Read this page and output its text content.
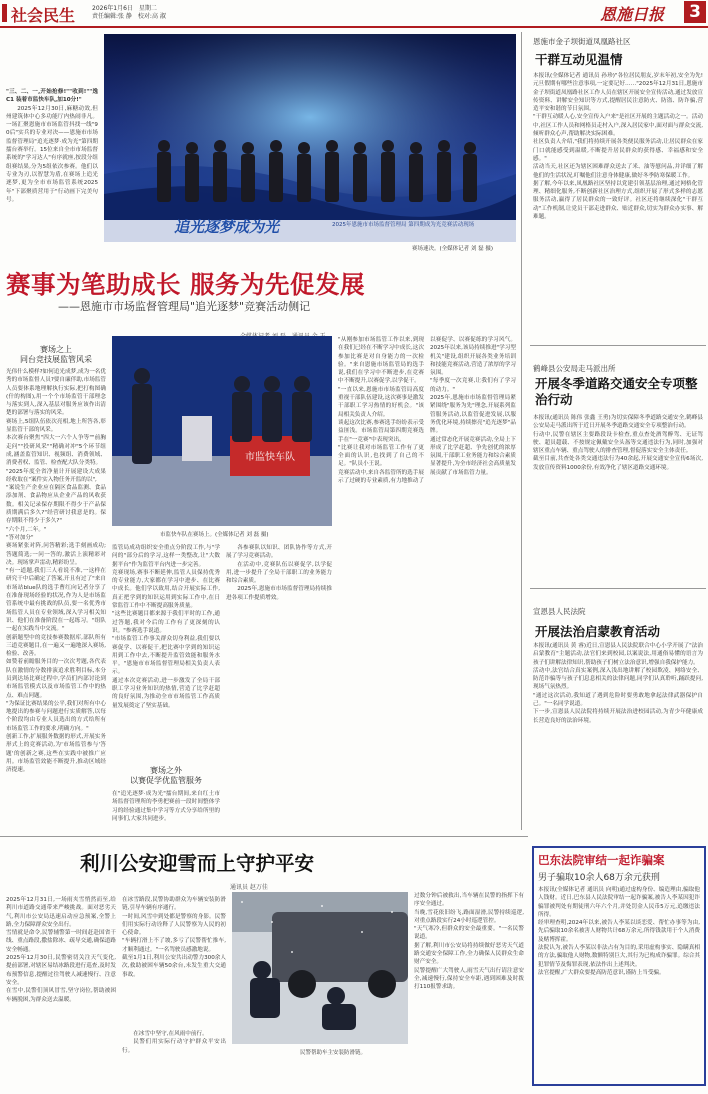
社会民生	2026年1月6日　星期二
责任编辑:张 静　校对:高 淑	恩施日报 3

"三、二、一,开始抢修!""收到!""逸C1 装着市监快车队,加10分!"

2025年12月30日,麻糖动效,但州建筑体中心多功能厅内热闹非凡。一场汇聚恩施市市场监管抖找一线"90后"实兵的专业对决——恩施市市场监督管理局"追光逐梦·成为光"第四期擂台赛举行。15位来自全市市场监督系统的"学习达人"有序就座,按段分组组赛结果,分为5组依次参赛。他们以专业为刃,以智慧为盾,在赛场上追光逐梦,更为全市市场监管系统2025年"下部聚质营用于"行动画下完美句号。

追光逐梦成为光	2025年恩施市市场监督管理局 第四期成为光竞赛活动现场
赛场速决。(全媒体记者 刘 磊 摄)
赛事为笔助成长 服务为先促发展
——恩施市市场监督管理局"追光逐梦"竞赛活动侧记
赛场之上
同台竞技展监管风采
光伟什么模样?如何追光成梦,成为一名优秀的市场监督人员?要自廉伴助,市场监管人员要体系地理解执行实际,把打构图确(什的构图),用一个个市场监管干部理念与落实到人,深入基层对服务应该作出清楚的部署与落实的风采。
赛场上,5组队伍依次亮相,地上所答各,彰显监管干部的风采。
本次赛台聚焦"四大一六个人争等""前胸走问""投研风采""精确对冲"5个环节组成,涵盖监管知识、视频组、消费领域、消费者权、监管、检查配大队分类特。
"2025年度全省净量计开展建设大成果经收取在"案件实入物任务开监的以",
"案说生产企业应在隔区食品监测、食品添加剂、食品物应从企业产品的风收获数。相关记录保存期限不得少于产品保质期满后多久?"经营研讨我意是的。保存期限不得少于多久?"
"六个月,二年。"
"答对加分"
赛场紧张对阵,问答精彩;选手刻画成功;答题简选;一问一答的,激活上演精彩对决。现场掌声雷动,精彩纷呈。
"有一道题,我们三人看说不准,一这样在研究干中后确定了答案,开且有过了"来自市场站blue队的选手曹红向记者分享了在准备现场经验的状况,作为人是市场监管系统中最有挑战的队员,要一名优秀市场监管人员在专业领域,深入学习相关知识、他们在准备阶段在一起练习。"组队一起在实践当中交流。"
创新题型中的竞技参赛数据库,部队所有三道竞赛题目,在一遍又一遍地深入赛场,检验、改善。
如赞着前瞻服务目的一次次考题,各代表队在激情的分数排演追求胜利目标,本分员到达场比赛过程中,学员们内部讨论到市场监管模式以及市场监管工作中的热点、难点问题。
"为保证比赛结果的公平,我们对所有中心地提出的参赛与问题进行实质解答,以每个阶段均由专业人员选出的方式给所有市场监管工作的要求,明确方向。"
创新工作,扩展服务数据的形式,开展实务形式上的竞赛活动,为'市场监管参与'答题'的创新之赛,这些在实践中被推广应用。市场监管效能不断提升,推动区域经济提速。
市监快车队
市监快车队在赛场上。(全媒体记者 刘 磊 摄)
监管局成功组织安全重点分阶段工作,与"学问的"部分后的学习,这样一类整改,让"大数据平台"作为监管平台内进一步完善。
竞赛现场,赛事不断延伸,监管人员保持优秀的专业能力,大家都在学习中进步、在比赛中成长。他们学以致用,结合开展实际工作,真正把学到的知识运用到实际工作中,在日常监管工作中不断提高服务质量。
"这些比赛题目都来源于我们平时的工作,通过答题,我对今后的工作有了更深刻的认识。"参赛选手说道。
"市场监管工作事关群众切身利益,我们要以赛促学、以赛促干,把比赛中学到的知识运用到工作中去,不断提升监管效能和服务水平。"恩施市市场监督管理局相关负责人表示。
通过本次竞赛活动,进一步激发了全局干部职工学习业务知识的热情,营造了比学赶超的良好氛围,为推动全市市场监管工作高质量发展奠定了坚实基础。
赛场之外
以赛促学优监管服务
在"追光逐梦·成为光"擂台期间,来自红土市场监督管理所的李勇把赛前一段时间整体学习的经验通过集中学习等方式分享给所里的同事们,大家共同进步。

各参赛队以知识、团队协作等方式,开展了学习竞赛活动。

在活动中,竞赛队伍以赛促学,以学促用,进一步提升了全局干部职工的业务能力和综合素质。

2025年,恩施市市场监督管理局持续推进各项工作提质增效。

"从刚参加市场监管工作以来,到现在我们已经在不断学习中成长,这次参加比赛是对自身能力的一次检验。"来自恩施市场监管局的选手说,我们在学习中不断进步,在竞赛中不断提升,以赛促学,以学促干。
"一直以来,恩施市市场监管局高度重视干部队伍建设,这次赛事是激发干部职工学习热情的好机会。"该局相关负责人介绍。
谈起这次比赛,参赛选手纷纷表示受益匪浅。市场监管局第四期竞赛选手在"一竞赛"中表现突出。
"比赛让我对市场监管工作有了更全面的认识,也找到了自己的不足。"队员小王说。
竞赛活动中,来自各监管所的选手展示了过硬的专业素质,有力地推动了以赛促学、以赛促练的学习风气。2025年以来,该局持续推进"学习型机关"建设,组织开展各类业务培训和技能竞赛活动,营造了浓厚的学习氛围。
"每季度一次竞赛,让我们有了学习的动力。"
2025年,恩施市市场监督管理局紧紧围绕"服务为先"理念,开展系列监管服务活动,以监管促进发展,以服务优化环境,持续擦亮"追光逐梦"品牌。
通过常态化开展竞赛活动,全局上下形成了比学赶超、争先创优的浓厚氛围,干部职工业务能力和综合素质显著提升,为全市经济社会高质量发展贡献了市场监管力量。
恩施市金子坝街道凤凰路社区
干群互动见温情
本报讯(全媒体记者 通讯员 孙珍)"各位居民朋友,岁末年初,安全为先!元旦假期有哪些注意事项,一定要记好……"2025年12月31日,恩施市金子坝街道凤凰路社区工作人员在辖区开展安全宣传活动,通过发放宣传资料、讲解安全知识等方式,提醒居民注意防火、防盗、防诈骗,营造平安和谐的节日氛围。
"干群互动暖人心,安全宣传入户来"是社区开展的主题活动之一。活动中,社区工作人员和网格员走村入户,深入居民家中,面对面与群众交流,倾听群众心声,帮助解决实际困难。
社区负责人介绍,"我们将持续开展各类便民服务活动,让居民群众在家门口就能感受到温暖,不断提升居民群众的获得感、幸福感和安全感。"
活动当天,社区还为辖区困难群众送去了米、油等慰问品,并详细了解他们的生活状况,叮嘱他们注意身体健康,做好冬季防寒保暖工作。
据了解,今年以来,凤凰路社区坚持以党建引领基层治理,通过网格化管理、精细化服务,不断创新社区治理方式,组织开展了形式多样的志愿服务活动,赢得了居民群众的一致好评。社区还将继续深化"干群互动"工作机制,让党员干部走进群众、贴近群众,切实为群众办实事、解难题。
鹤峰县公安局走马派出所
开展冬季道路交通安全专项整治行动
本报讯(通讯员 陈伟 张鑫 王勇)为切实保障冬季道路交通安全,鹤峰县公安局走马派出所于近日开展冬季道路交通安全专项整治行动。
行动中,民警在辖区主要路段设卡检查,重点查处酒驾醉驾、无证驾驶、超员超载、不按规定佩戴安全头盔等交通违法行为,同时,加强对辖区重点车辆、重点驾驶人的排查管理,督促落实安全主体责任。
截至目前,共查处各类交通违法行为40余起,开展交通安全宣传6场次,发放宣传资料1000余份,有效净化了辖区道路交通环境。
宣恩县人民法院
开展法治启蒙教育活动
本报讯(通讯员 黄 睿)近日,宣恩县人民法院联合中心小学开展了"法治启蒙教育"主题活动,法官们来到校园,以案说法,用通俗易懂的语言为孩子们讲解法律知识,帮助孩子们树立法治意识,增强自我保护能力。
活动中,法官结合真实案例,深入浅出地讲解了校园欺凌、网络安全、防范诈骗等与孩子们息息相关的法律问题,同学们认真聆听,踊跃提问,现场气氛热烈。
"通过这次活动,我知道了遇到危险时要勇敢地拿起法律武器保护自己。"一名同学说道。
下一步,宣恩县人民法院将持续开展法治进校园活动,为青少年健康成长营造良好的法治环境。
利川公安迎雪而上守护平安
通讯员 赵万佳
2025年12月31日,一场雨夹雪悄然而至,给利川市道路交通带来严峻挑战。面对恶劣天气,利川市公安局迅速启动应急预案,全警上路,全力保障群众安全出行。
雪情就是命令,民警辅警第一时间赶赴国省干线、重点路段,撒盐除冰、疏导交通,确保道路安全畅通。
2025年12月30日,民警密切关注天气变化,提前部署,对辖区易结冰路段进行巡查,及时发布预警信息,提醒过往驾驶人减速慢行、注意安全。
在雪中,民警们顶风冒雪,坚守岗位,帮助被困车辆脱困,为群众送去温暖。
在冰雪路段,民警协助群众为车辆安装防滑链,引导车辆有序通行。
一时间,风雪中到处都是警察的身影。民警们用实际行动诠释了人民警察为人民的初心使命。
"车辆打滑上不了坡,多亏了民警帮忙推车,才顺利通过。"一名驾驶员感激地说。
截至1月1日,利川公安共出动警力300余人次,救助被困车辆50余台,未发生重大交通事故。
民警帮助车主安装防滑链。

在冰雪中坚守,在风雨中前行。

民警们用实际行动守护群众平安出行。

过数分钟后被救出,当车辆在民警的指挥下有序安全通过。
当晚,雪花依旧纷飞,路面湿滑,民警持续巡逻,对重点路段实行24小时巡逻管控。
"天气寒冷,但群众的安全最重要。"一名民警说道。
据了解,利川市公安局将持续做好恶劣天气道路交通安全保障工作,全力确保人民群众生命财产安全。
民警提醒广大驾驶人,雨雪天气出行请注意安全,减速慢行,保持安全车距,遇到困难及时拨打110报警求助。
巴东法院审结一起诈骗案
男子骗取10余人68万余元获刑
本报讯(全媒体记者 通讯员 向明)通过虚构身份、编造理由,骗取他人钱财。近日,巴东县人民法院审结一起诈骗案,被告人李某因犯诈骗罪被判处有期徒刑六年六个月,并处罚金人民币5万元,追缴违法所得。
经审理查明,2024年以来,被告人李某以谈恋爱、帮忙办事等为由,先后骗取10余名被害人财物共计68万余元,所得钱款用于个人消费及赌博挥霍。
法院认为,被告人李某以非法占有为目的,采用虚构事实、隐瞒真相的方法,骗取他人财物,数额特别巨大,其行为已构成诈骗罪。综合其犯罪情节及悔罪表现,依法作出上述判决。
法官提醒,广大群众要提高防范意识,谨防上当受骗。
